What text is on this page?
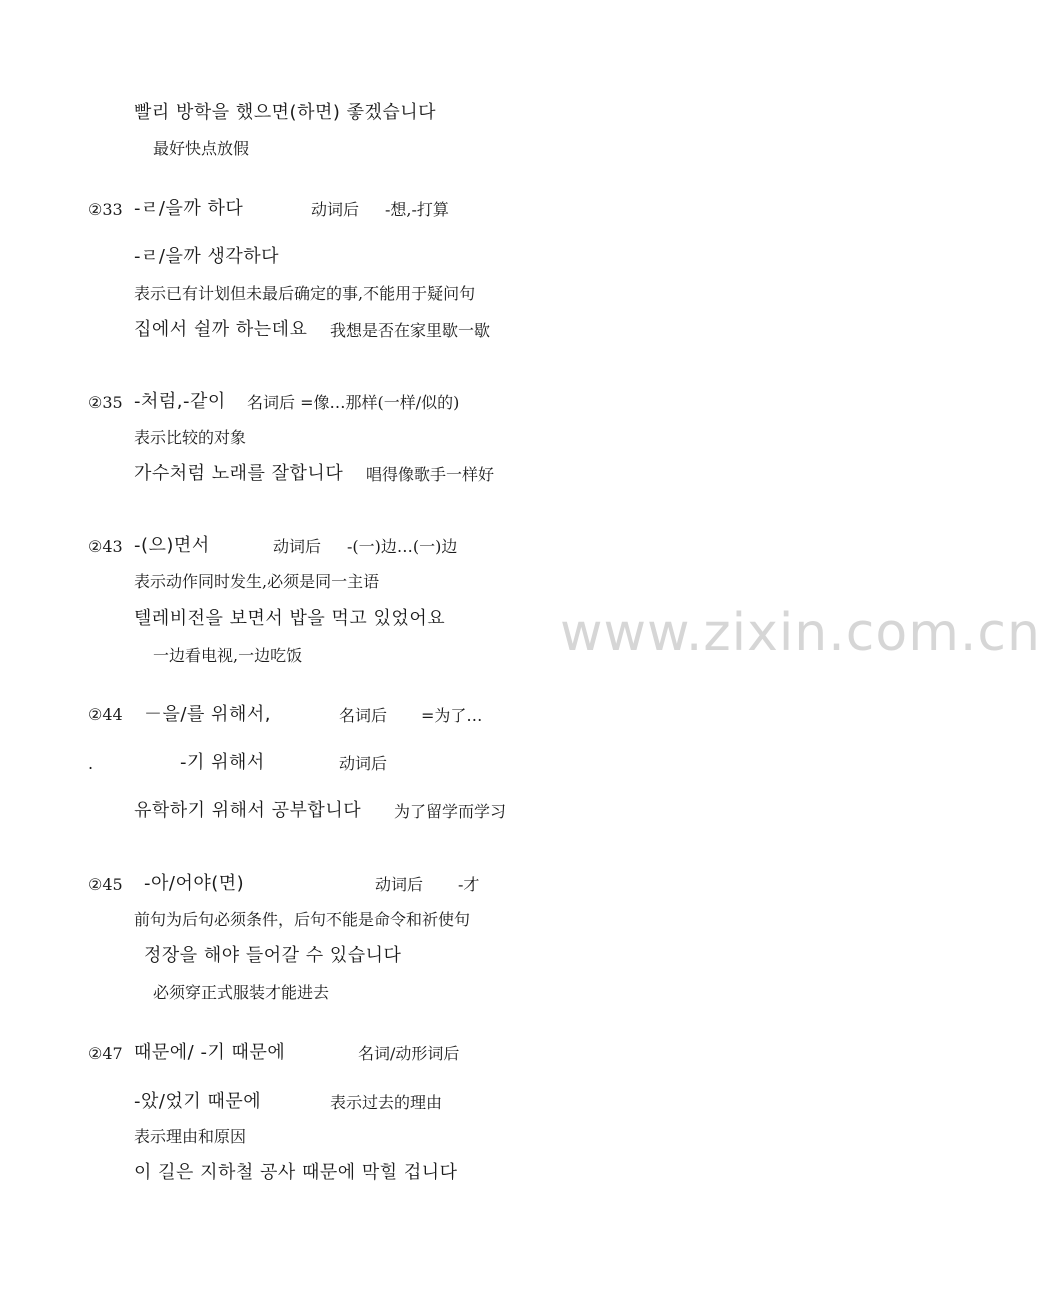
www.zixin.com.cn
빨리 방학을 했으면(하면) 좋겠습니다
最好快点放假
②33 -ㄹ/을까 하다	动词后 -想,-打算
-ㄹ/을까 생각하다
表示已有计划但未最后确定的事,不能用于疑问句
집에서 쉴까 하는데요 我想是否在家里歇一歇
②35 -처럼,-같이 名词后 =像…那样(一样/似的)
表示比较的对象
가수처럼 노래를 잘합니다 唱得像歌手一样好
②43 -(으)면서	动词后 -(一)边…(一)边
表示动作同时发生,必须是同一主语
텔레비전을 보면서 밥을 먹고 있었어요
一边看电视,一边吃饭
②44 －을/를 위해서,	名词后 =为了…
.	-기 위해서	动词后
유학하기 위해서 공부합니다 为了留学而学习
②45 -아/어야(면)	动词后 -才
前句为后句必须条件，后句不能是命令和祈使句
정장을 해야 들어갈 수 있습니다
必须穿正式服装才能进去
②47 때문에/ -기 때문에	名词/动形词后
-았/었기 때문에	表示过去的理由
表示理由和原因
이 길은 지하철 공사 때문에 막힐 겁니다
